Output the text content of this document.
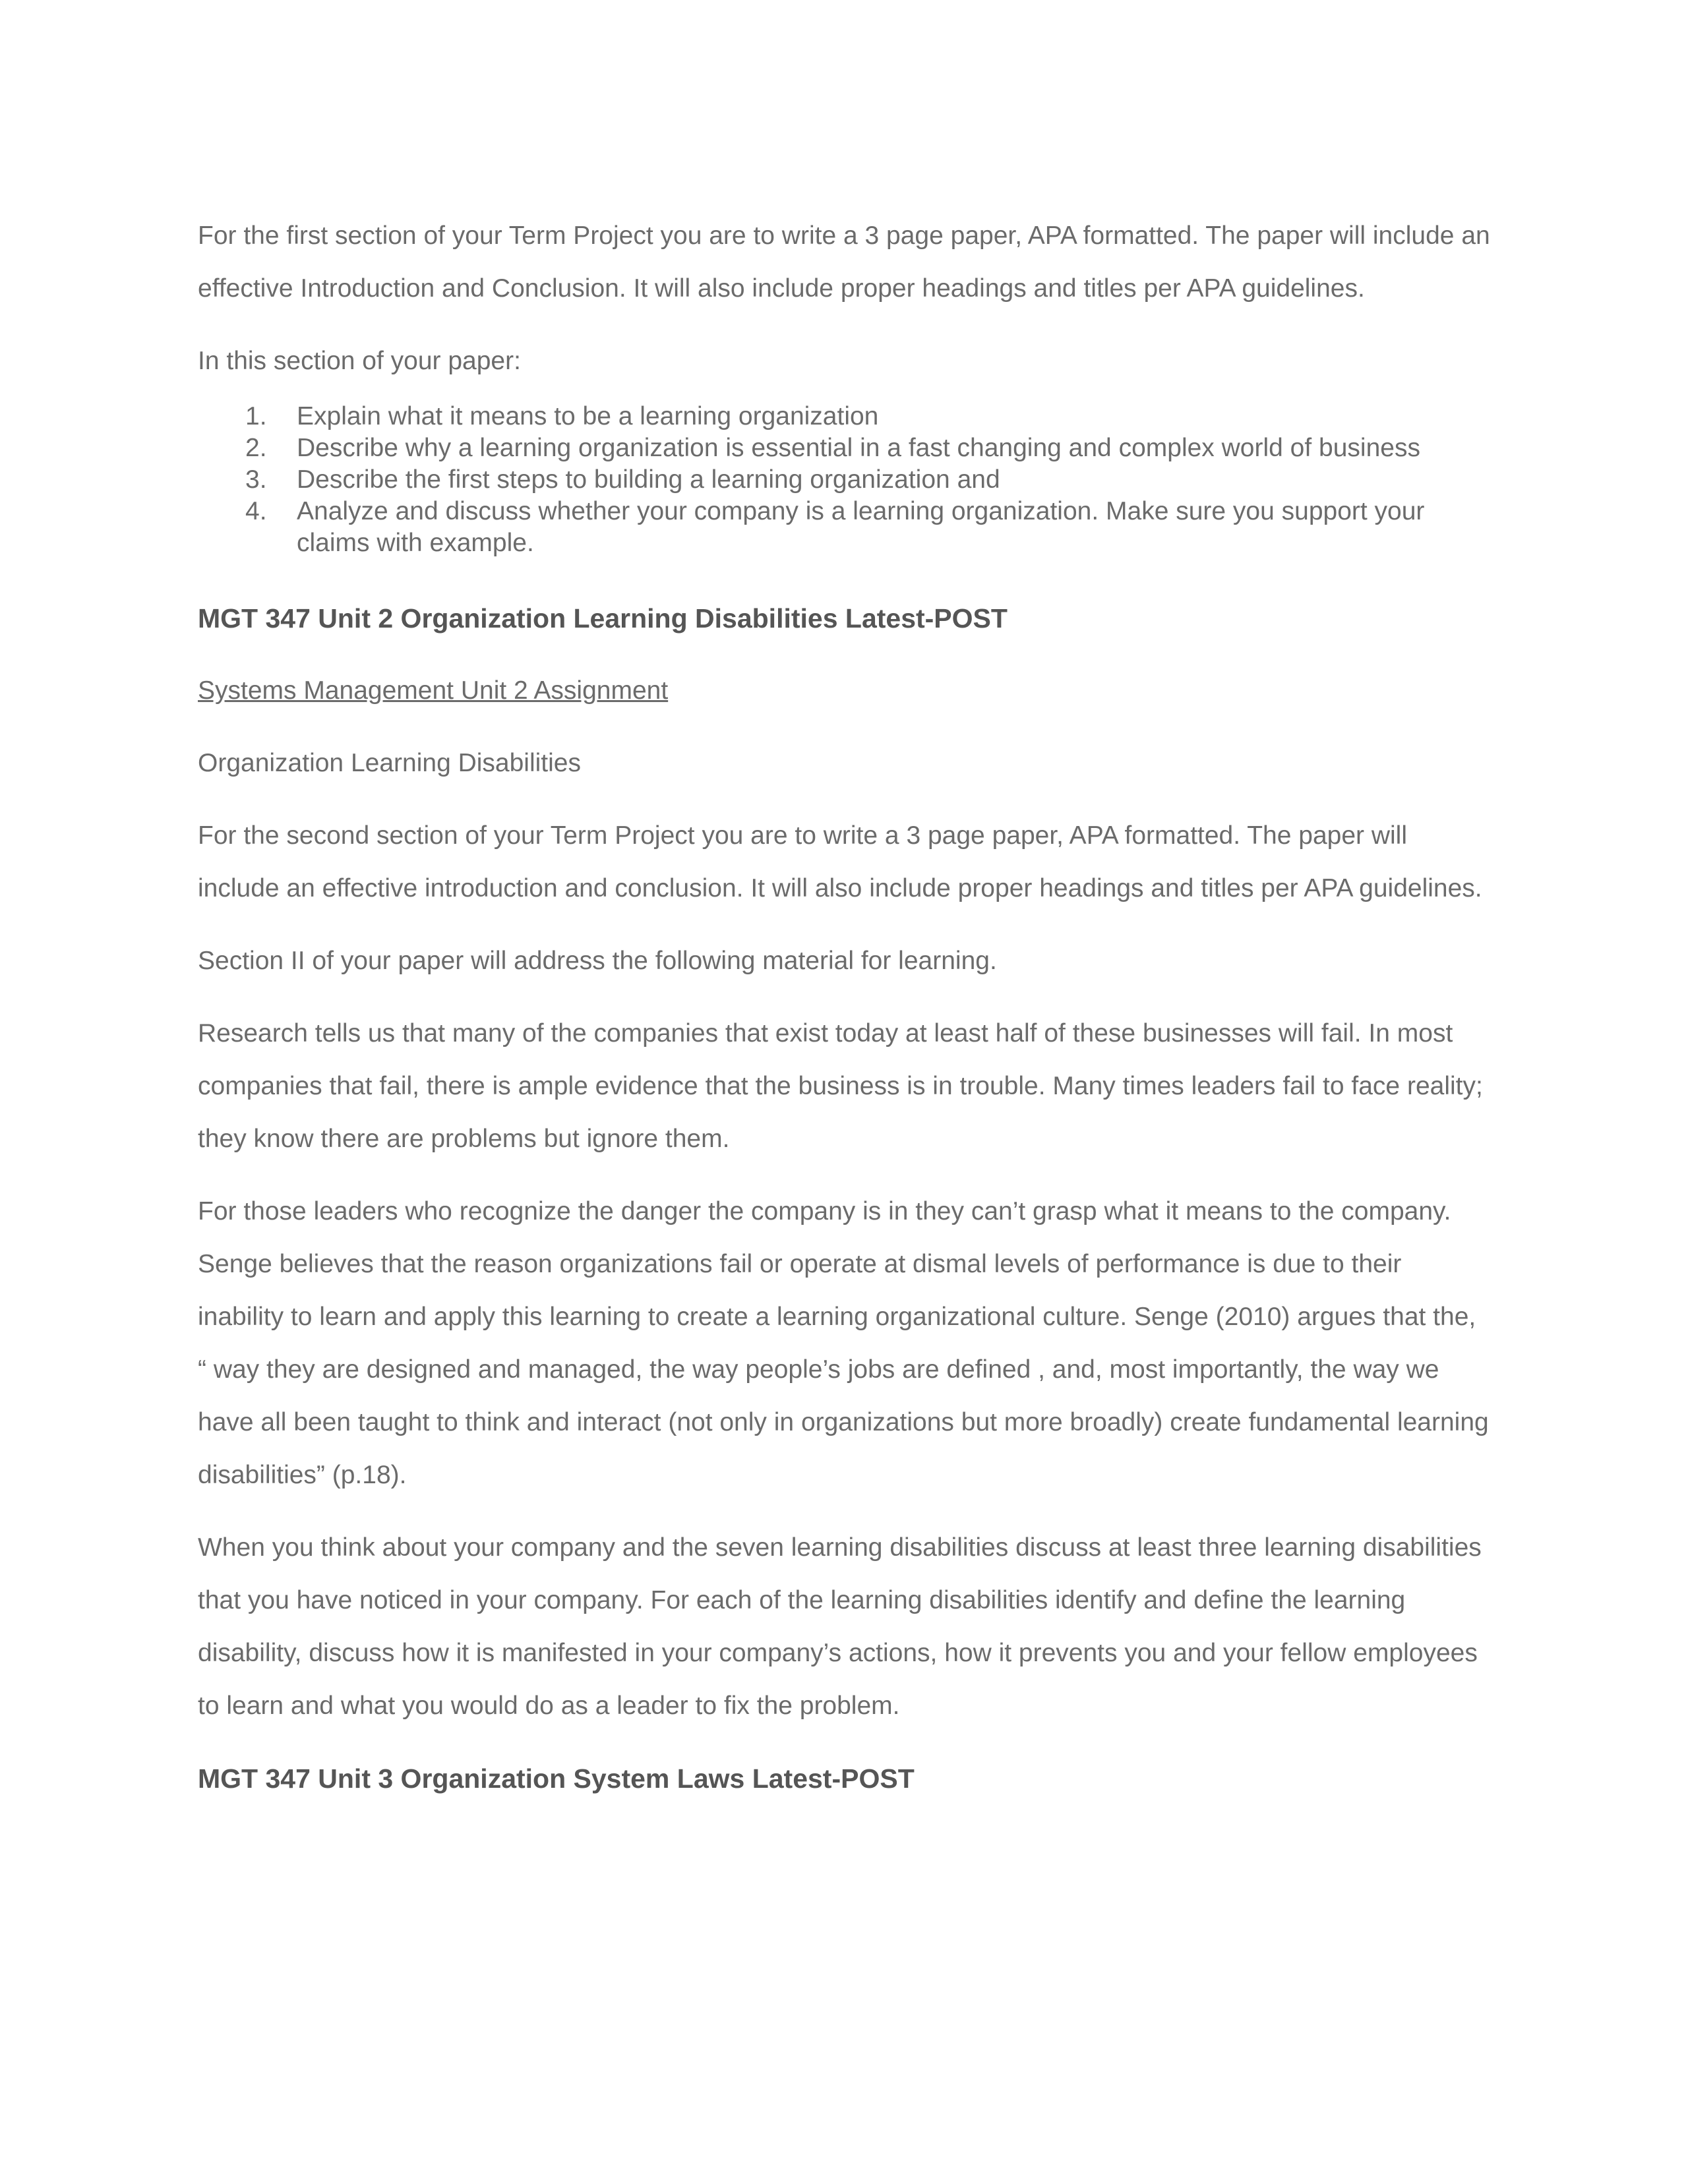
For the first section of your Term Project you are to write a 3 page paper, APA formatted. The paper will include an effective Introduction and Conclusion. It will also include proper headings and titles per APA guidelines.

In this section of your paper:

1. Explain what it means to be a learning organization
2. Describe why a learning organization is essential in a fast changing and complex world of business
3. Describe the first steps to building a learning organization and
4. Analyze and discuss whether your company is a learning organization. Make sure you support your claims with example.
MGT 347 Unit 2 Organization Learning Disabilities Latest-POST

Systems Management Unit 2 Assignment

Organization Learning Disabilities

For the second section of your Term Project you are to write a 3 page paper, APA formatted. The paper will include an effective introduction and conclusion. It will also include proper headings and titles per APA guidelines.

Section II of your paper will address the following material for learning.

Research tells us that many of the companies that exist today at least half of these businesses will fail. In most companies that fail, there is ample evidence that the business is in trouble. Many times leaders fail to face reality; they know there are problems but ignore them.

For those leaders who recognize the danger the company is in they can’t grasp what it means to the company. Senge believes that the reason organizations fail or operate at dismal levels of performance is due to their inability to learn and apply this learning to create a learning organizational culture. Senge (2010) argues that the, “ way they are designed and managed, the way people’s jobs are defined , and, most importantly, the way we have all been taught to think and interact (not only in organizations but more broadly) create fundamental learning disabilities” (p.18).

When you think about your company and the seven learning disabilities discuss at least three learning disabilities that you have noticed in your company. For each of the learning disabilities identify and define the learning disability, discuss how it is manifested in your company’s actions, how it prevents you and your fellow employees to learn and what you would do as a leader to fix the problem.

MGT 347 Unit 3 Organization System Laws Latest-POST
